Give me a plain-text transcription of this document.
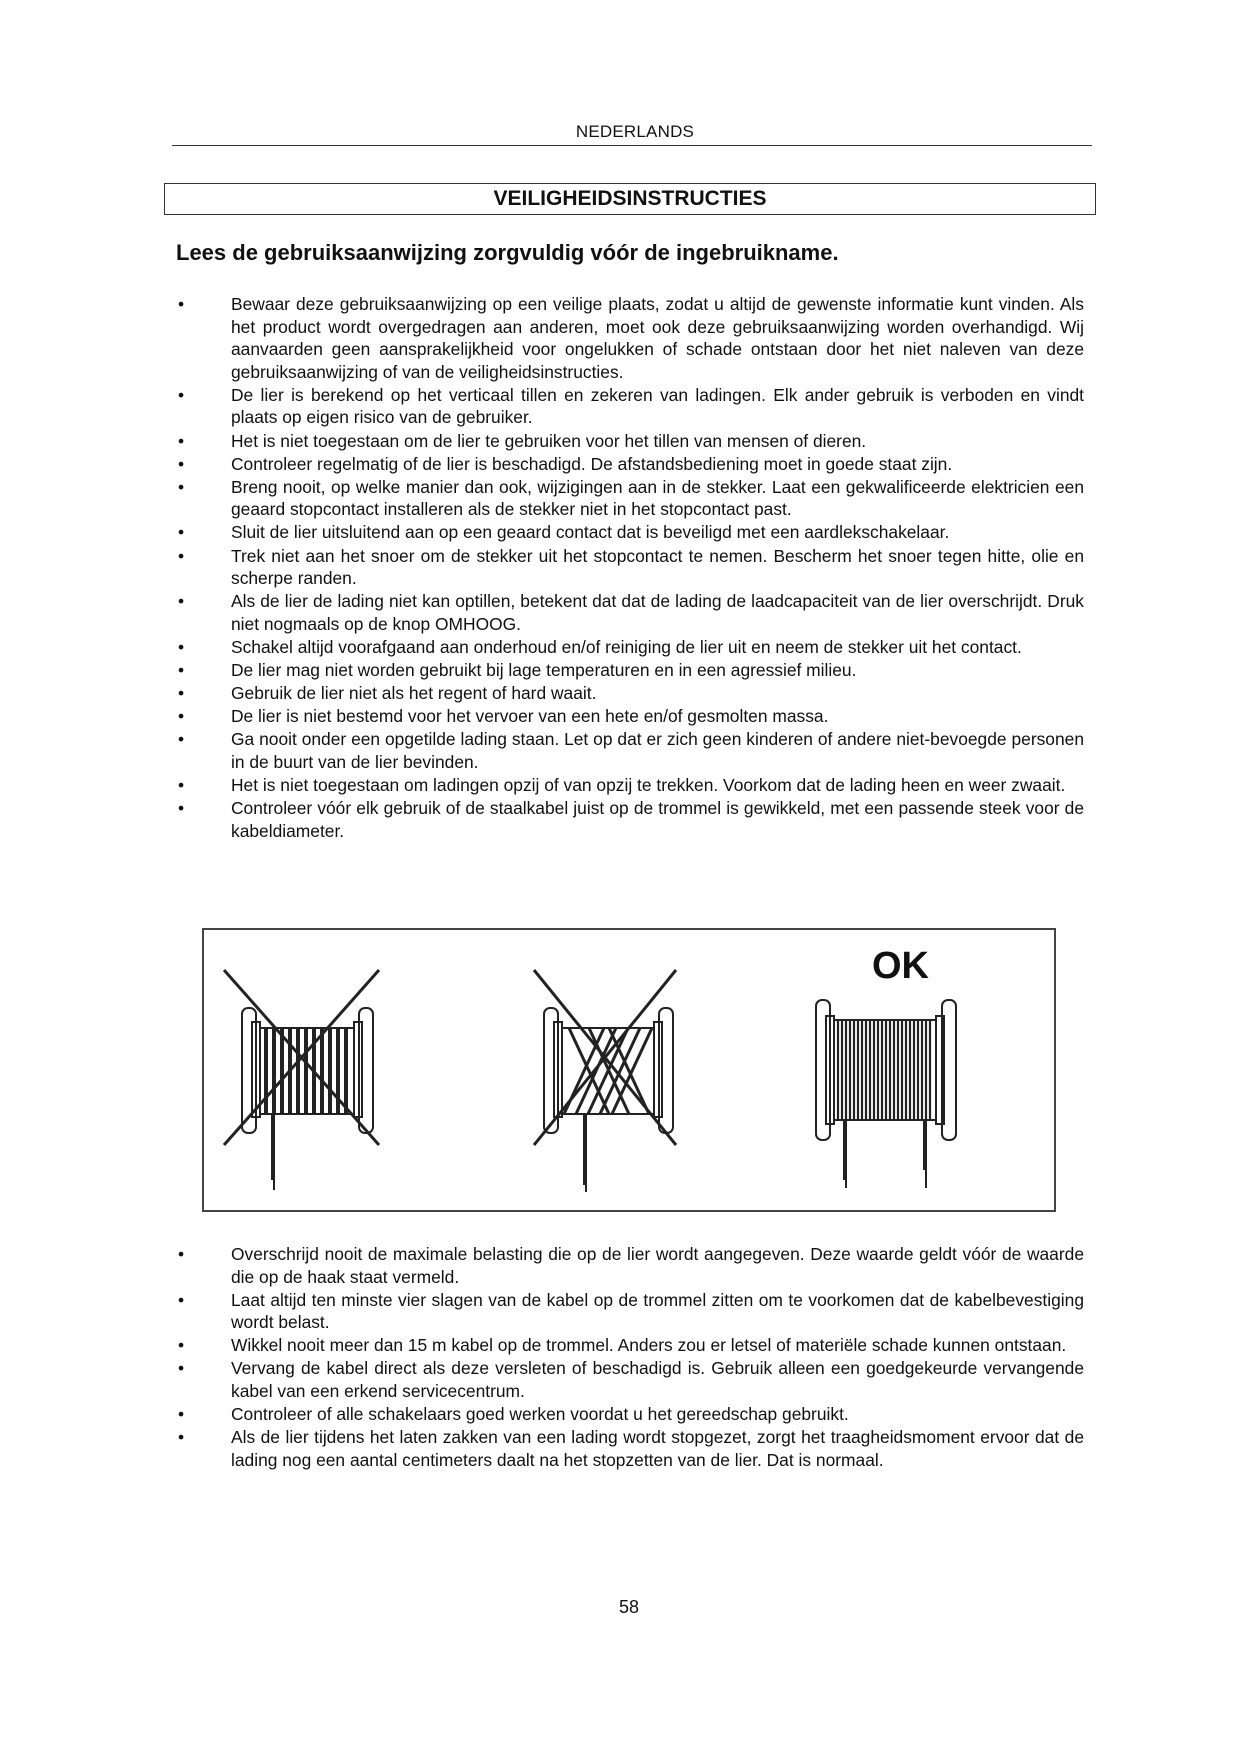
NEDERLANDS
VEILIGHEIDSINSTRUCTIES
Lees de gebruiksaanwijzing zorgvuldig vóór de ingebruikname.
• Bewaar deze gebruiksaanwijzing op een veilige plaats, zodat u altijd de gewenste informatie kunt vinden. Als het product wordt overgedragen aan anderen, moet ook deze gebruiksaanwijzing worden overhandigd. Wij aanvaarden geen aansprakelijkheid voor ongelukken of schade ontstaan door het niet naleven van deze gebruiksaanwijzing of van de veiligheidsinstructies.
• De lier is berekend op het verticaal tillen en zekeren van ladingen. Elk ander gebruik is verboden en vindt plaats op eigen risico van de gebruiker.
• Het is niet toegestaan om de lier te gebruiken voor het tillen van mensen of dieren.
• Controleer regelmatig of de lier is beschadigd. De afstandsbediening moet in goede staat zijn.
• Breng nooit, op welke manier dan ook, wijzigingen aan in de stekker. Laat een gekwalificeerde elektricien een geaard stopcontact installeren als de stekker niet in het stopcontact past.
• Sluit de lier uitsluitend aan op een geaard contact dat is beveiligd met een aardlekschakelaar.
• Trek niet aan het snoer om de stekker uit het stopcontact te nemen. Bescherm het snoer tegen hitte, olie en scherpe randen.
• Als de lier de lading niet kan optillen, betekent dat dat de lading de laadcapaciteit van de lier overschrijdt. Druk niet nogmaals op de knop OMHOOG.
• Schakel altijd voorafgaand aan onderhoud en/of reiniging de lier uit en neem de stekker uit het contact.
• De lier mag niet worden gebruikt bij lage temperaturen en in een agressief milieu.
• Gebruik de lier niet als het regent of hard waait.
• De lier is niet bestemd voor het vervoer van een hete en/of gesmolten massa.
• Ga nooit onder een opgetilde lading staan. Let op dat er zich geen kinderen of andere niet-bevoegde personen in de buurt van de lier bevinden.
• Het is niet toegestaan om ladingen opzij of van opzij te trekken. Voorkom dat de lading heen en weer zwaait.
• Controleer vóór elk gebruik of de staalkabel juist op de trommel is gewikkeld, met een passende steek voor de kabeldiameter.
OK
• Overschrijd nooit de maximale belasting die op de lier wordt aangegeven. Deze waarde geldt vóór de waarde die op de haak staat vermeld.
• Laat altijd ten minste vier slagen van de kabel op de trommel zitten om te voorkomen dat de kabelbevestiging wordt belast.
• Wikkel nooit meer dan 15 m kabel op de trommel. Anders zou er letsel of materiële schade kunnen ontstaan.
• Vervang de kabel direct als deze versleten of beschadigd is. Gebruik alleen een goedgekeurde vervangende kabel van een erkend servicecentrum.
• Controleer of alle schakelaars goed werken voordat u het gereedschap gebruikt.
• Als de lier tijdens het laten zakken van een lading wordt stopgezet, zorgt het traagheidsmoment ervoor dat de lading nog een aantal centimeters daalt na het stopzetten van de lier. Dat is normaal.
58
